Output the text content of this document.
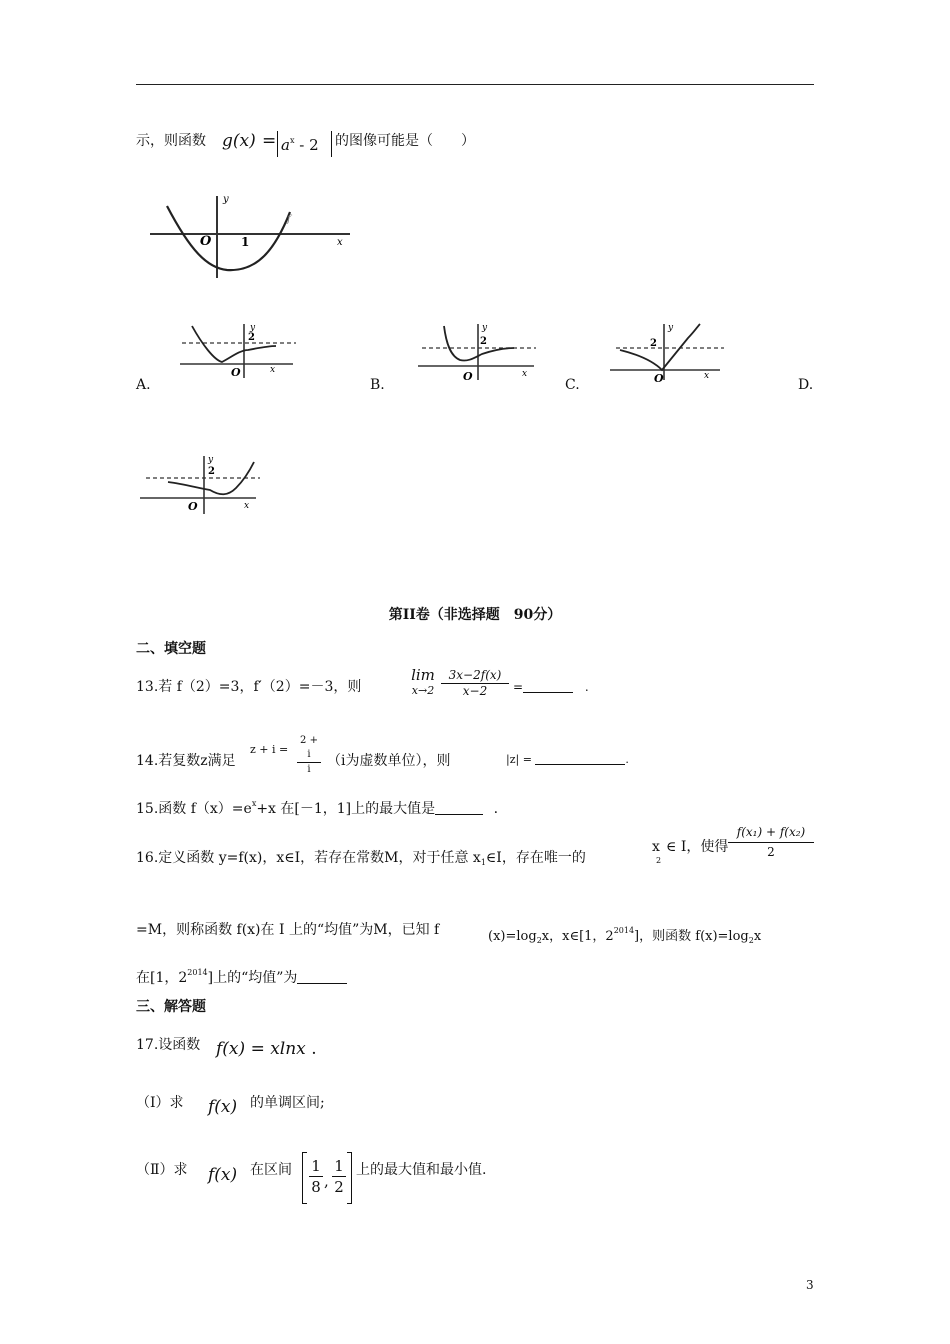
示，则函数 $g(x) = a^x - 2$ 的图像可能是（　　）
y
O 1	x
f
A.	B.	C.	D.
y
2
O	x
y
2
O	x
y
2
O	x
y
2
O	x
第II卷（非选择题　90分）
二、填空题
13.若 f（2）=3，f′（2）=－3，则
lim
$x\to 2 \frac{3x-2f(x)}{x-2}$ =	.
14.若复数z满足
$z + i = \frac{2 + i}{i} (i$为虚数单位），则	|z| =	.
15.函数 $f(x)=e^x+x$ 在[－1，1]上的最大值是	.
16.定义函数 y=f(x)，x∈I，若存在常数M，对于任意 $x_1\in I$，存在唯一的
x
2
∈ I，使得 $\frac{\text{f(x₁) + f(x₂)}}{2}$
=M，则称函数 f(x)在 I 上的“均值”为M，已知 f	$(x)=\log_2x$，x∈[1，$2^{2014}$]，则函数 $f(x)=\log_2x$
在[1，$2^{2014}$]上的“均值”为
三、解答题
17.设函数 f(x) = xlnx .
（Ⅰ）求 f(x) 的单调区间;
（Ⅱ）求 f(x) 在区间 $\frac{1}{8}$ , $\frac{1}{2}$ 上的最大值和最小值.
3
